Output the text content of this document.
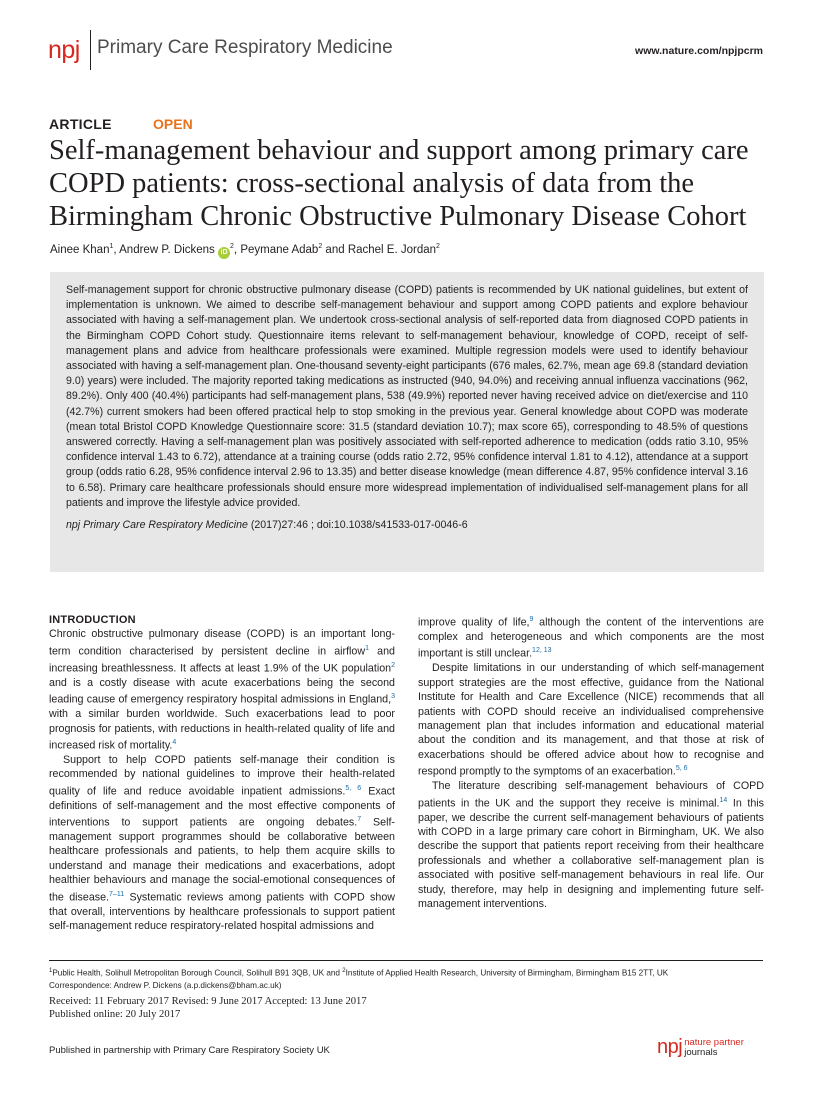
npj Primary Care Respiratory Medicine	www.nature.com/npjpcrm
ARTICLE	OPEN
Self-management behaviour and support among primary care COPD patients: cross-sectional analysis of data from the Birmingham Chronic Obstructive Pulmonary Disease Cohort
Ainee Khan$^1$, Andrew P. Dickens $iD^2$, Peymane Adab$^2$ and Rachel E. Jordan$^2$

Self-management support for chronic obstructive pulmonary disease (COPD) patients is recommended by UK national guidelines, but extent of implementation is unknown. We aimed to describe self-management behaviour and support among COPD patients and explore behaviour associated with having a self-management plan. We undertook cross-sectional analysis of self-reported data from diagnosed COPD patients in the Birmingham COPD Cohort study. Questionnaire items relevant to self-management behaviour, knowledge of COPD, receipt of self-management plans and advice from healthcare professionals were examined. Multiple regression models were used to identify behaviour associated with having a self-management plan. One-thousand seventy-eight participants (676 males, 62.7%, mean age 69.8 (standard deviation 9.0) years) were included. The majority reported taking medications as instructed (940, 94.0%) and receiving annual influenza vaccinations (962, 89.2%). Only 400 (40.4%) participants had self-management plans, 538 (49.9%) reported never having received advice on diet/exercise and 110 (42.7%) current smokers had been offered practical help to stop smoking in the previous year. General knowledge about COPD was moderate (mean total Bristol COPD Knowledge Questionnaire score: 31.5 (standard deviation 10.7); max score 65), corresponding to 48.5% of questions answered correctly. Having a self-management plan was positively associated with self-reported adherence to medication (odds ratio 3.10, 95% confidence interval 1.43 to 6.72), attendance at a training course (odds ratio 2.72, 95% confidence interval 1.81 to 4.12), attendance at a support group (odds ratio 6.28, 95% confidence interval 2.96 to 13.35) and better disease knowledge (mean difference 4.87, 95% confidence interval 3.16 to 6.58). Primary care healthcare professionals should ensure more widespread implementation of individualised self-management plans for all patients and improve the lifestyle advice provided.

npj Primary Care Respiratory Medicine (2017)27:46 ; doi:10.1038/s41533-017-0046-6

INTRODUCTION

Chronic obstructive pulmonary disease (COPD) is an important long-term condition characterised by persistent decline in airflow$^1$ and increasing breathlessness. It affects at least 1.9% of the UK population$^2$ and is a costly disease with acute exacerbations being the second leading cause of emergency respiratory hospital admissions in England,$^3$ with a similar burden worldwide. Such exacerbations lead to poor prognosis for patients, with reductions in health-related quality of life and increased risk of mortality.$^4$

Support to help COPD patients self-manage their condition is recommended by national guidelines to improve their health-related quality of life and reduce avoidable inpatient admissions.$^{5, 6}$ Exact definitions of self-management and the most effective components of interventions to support patients are ongoing debates.$^7$ Self-management support programmes should be collaborative between healthcare professionals and patients, to help them acquire skills to understand and manage their medications and exacerbations, adopt healthier behaviours and manage the social-emotional consequences of the disease.$^{7-11}$ Systematic reviews among patients with COPD show that overall, interventions by healthcare professionals to support patient self-management reduce respiratory-related hospital admissions and

improve quality of life,$^9$ although the content of the interventions are complex and heterogeneous and which components are the most important is still unclear.$^{12, 13}$

Despite limitations in our understanding of which self-management support strategies are the most effective, guidance from the National Institute for Health and Care Excellence (NICE) recommends that all patients with COPD should receive an individualised comprehensive management plan that includes information and educational material about the condition and its management, and that those at risk of exacerbations should be offered advice about how to recognise and respond promptly to the symptoms of an exacerbation.$^{5, 6}$

The literature describing self-management behaviours of COPD patients in the UK and the support they receive is minimal.$^{14}$ In this paper, we describe the current self-management behaviours of patients with COPD in a large primary care cohort in Birmingham, UK. We also describe the support that patients report receiving from their healthcare professionals and whether a collaborative self-management plan is associated with positive self-management behaviours in real life. Our study, therefore, may help in designing and implementing future self-management interventions.

$^1$Public Health, Solihull Metropolitan Borough Council, Solihull B91 3QB, UK and $^2$Institute of Applied Health Research, University of Birmingham, Birmingham B15 2TT, UK
Correspondence: Andrew P. Dickens (a.p.dickens@bham.ac.uk)
Received: 11 February 2017 Revised: 9 June 2017 Accepted: 13 June 2017
Published online: 20 July 2017
Published in partnership with Primary Care Respiratory Society UK	npj nature partner
journals
